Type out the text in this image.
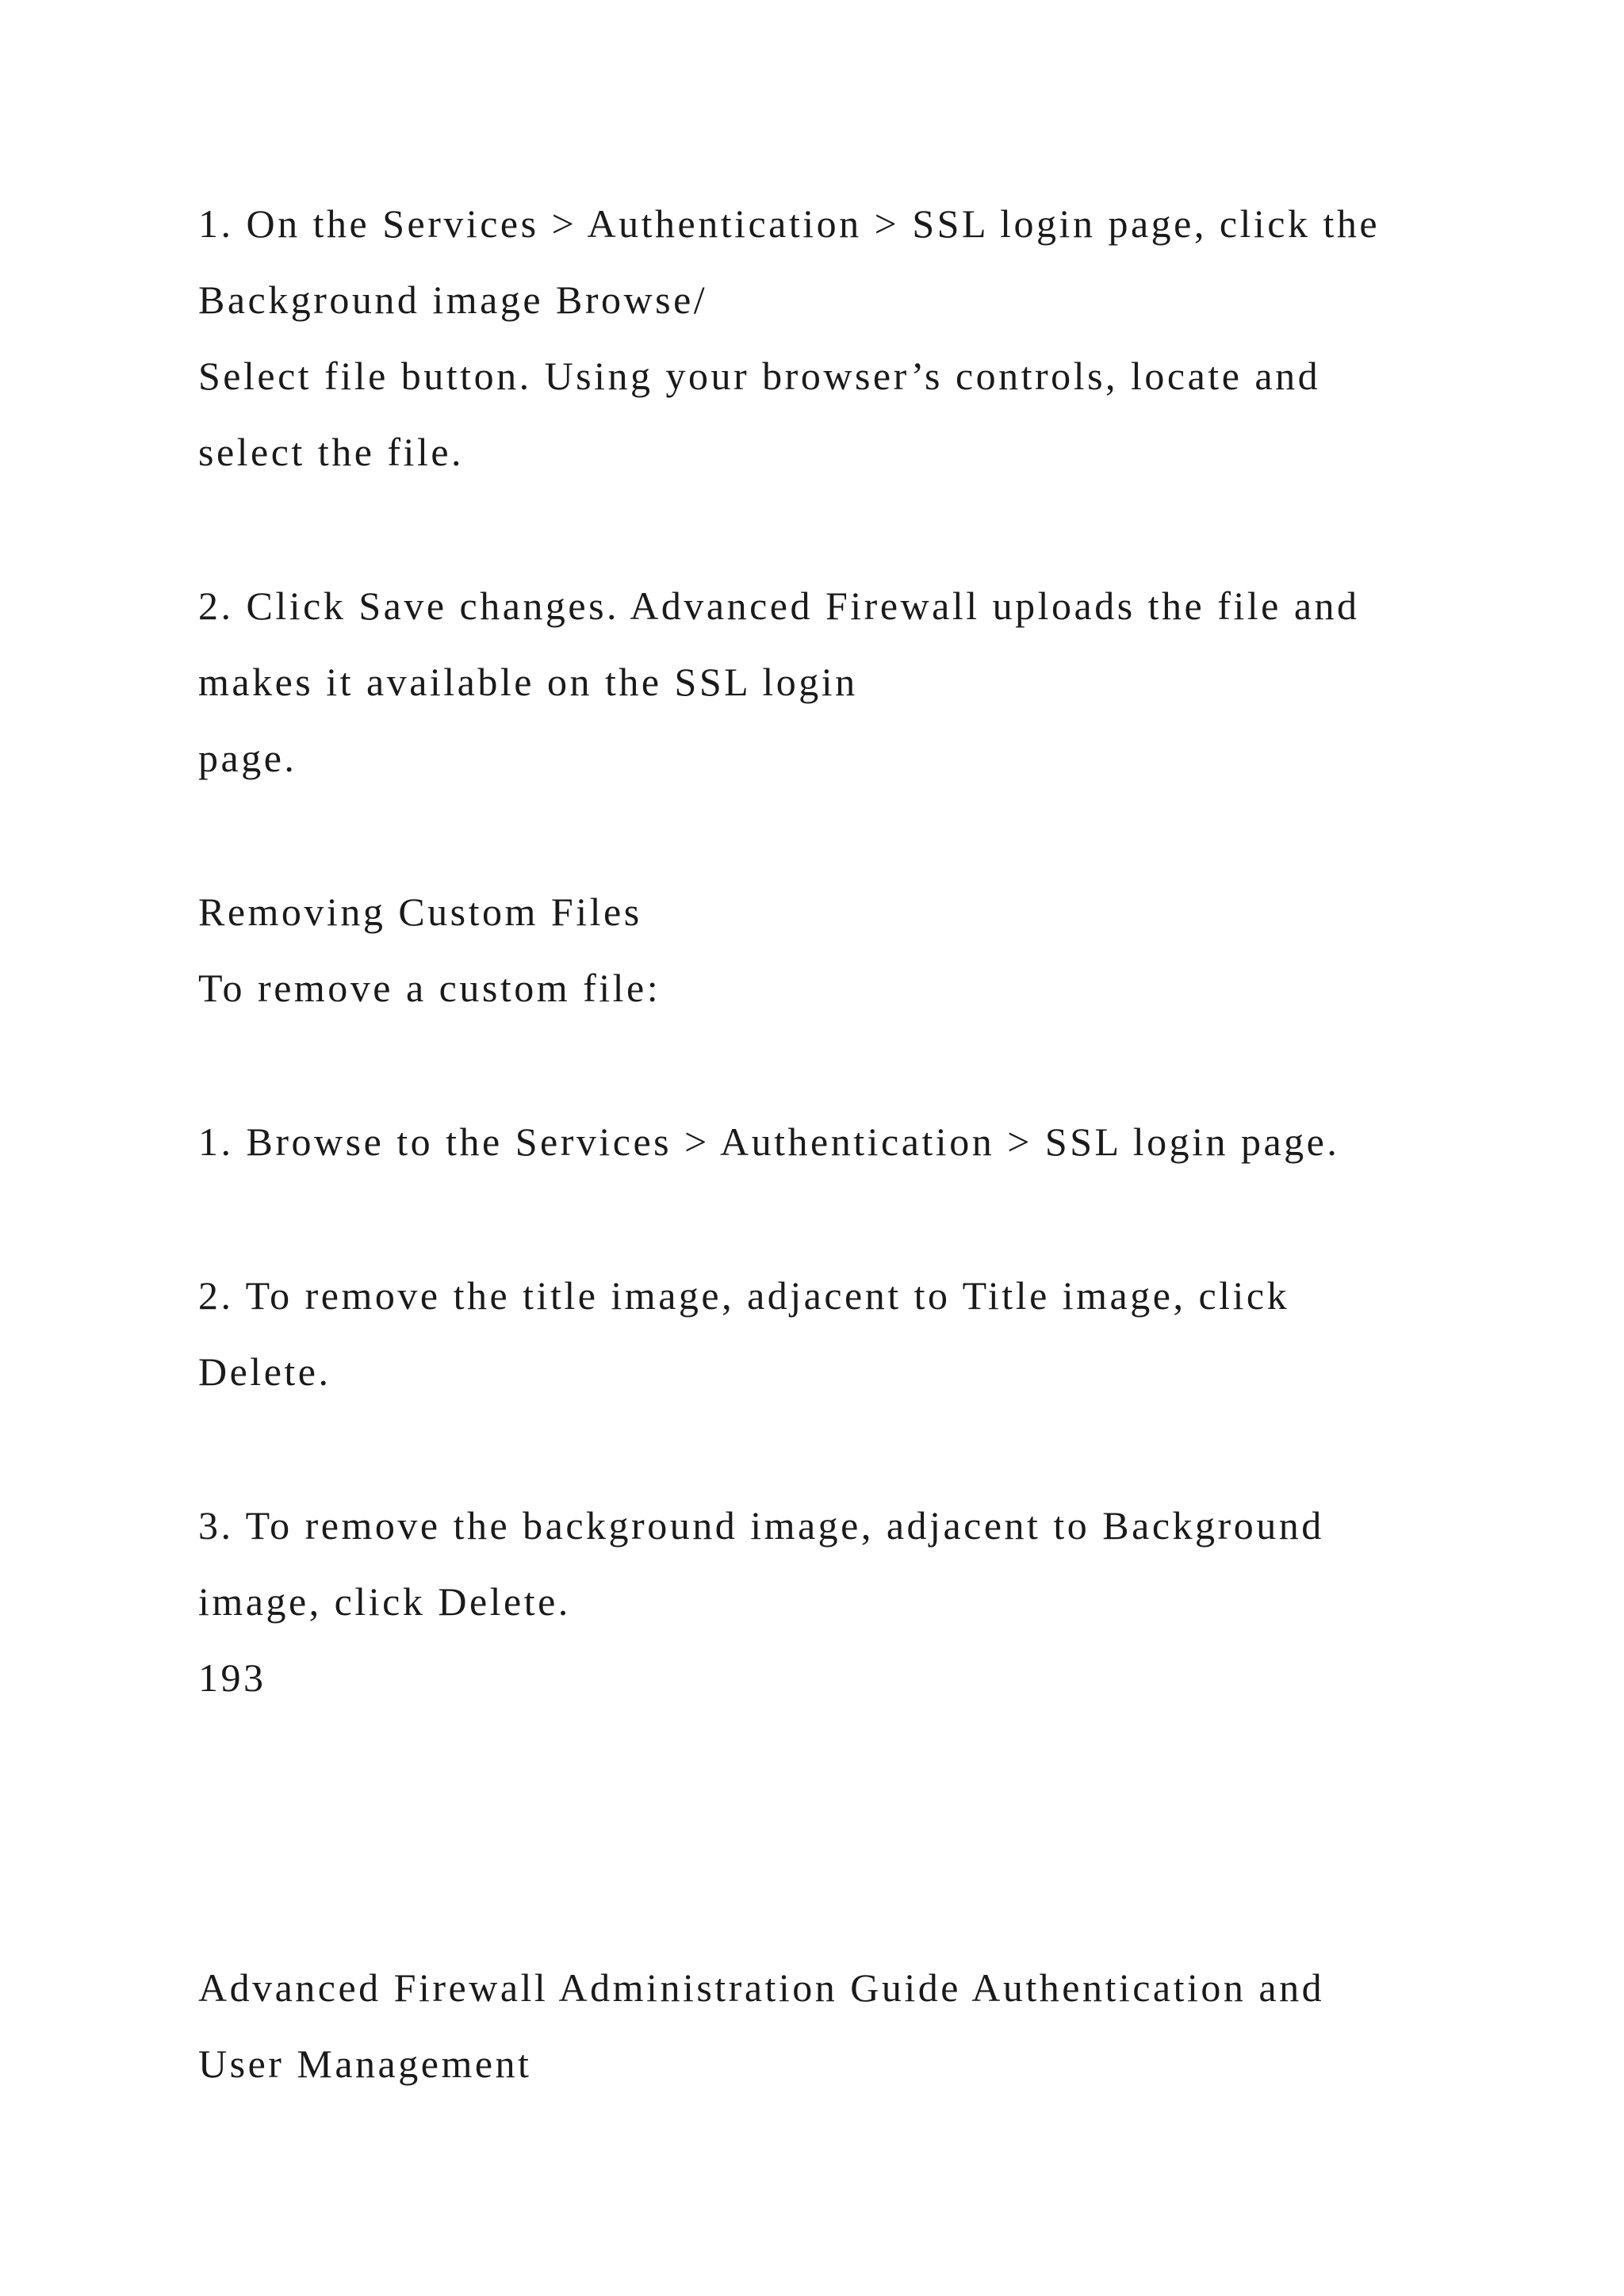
1. On the Services > Authentication > SSL login page, click the

Background image Browse/

Select file button. Using your browser’s controls, locate and

select the file.

2. Click Save changes. Advanced Firewall uploads the file and

makes it available on the SSL login

page.

Removing Custom Files

To remove a custom file:

1. Browse to the Services > Authentication > SSL login page.

2. To remove the title image, adjacent to Title image, click

Delete.

3. To remove the background image, adjacent to Background

image, click Delete.

193

Advanced Firewall Administration Guide Authentication and

User Management
